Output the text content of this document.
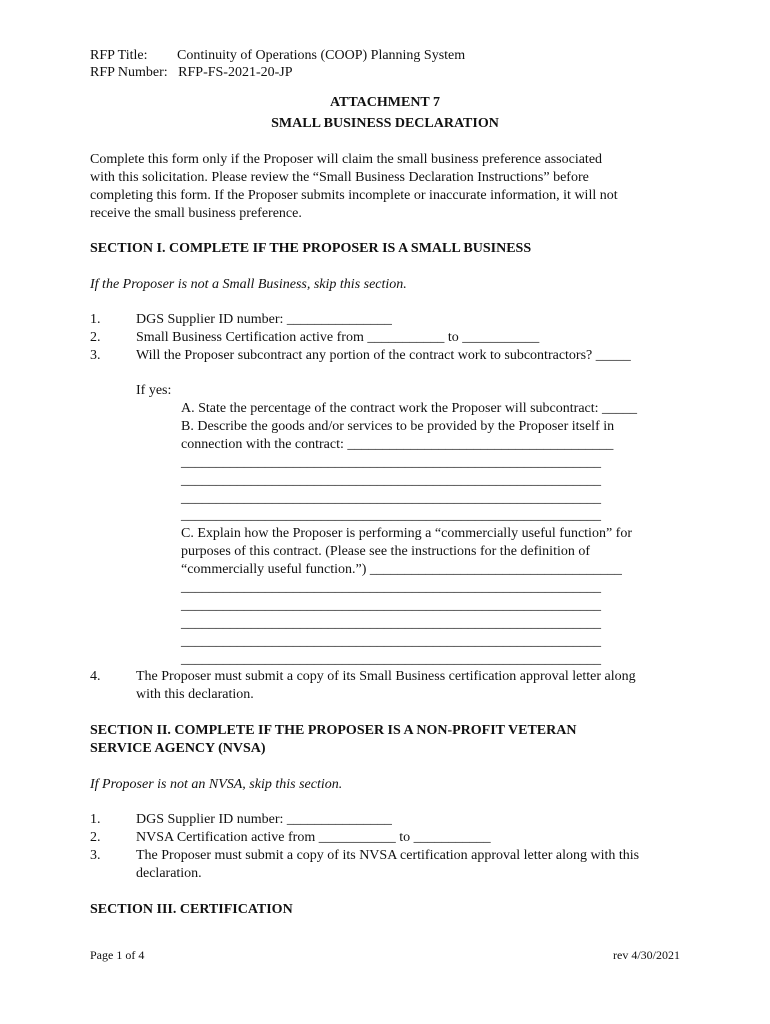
RFP Title: Continuity of Operations (COOP) Planning System
RFP Number:   RFP-FS-2021-20-JP
ATTACHMENT 7
SMALL BUSINESS DECLARATION
Complete this form only if the Proposer will claim the small business preference associated
with this solicitation. Please review the “Small Business Declaration Instructions” before
completing this form. If the Proposer submits incomplete or inaccurate information, it will not
receive the small business preference.
SECTION I. COMPLETE IF THE PROPOSER IS A SMALL BUSINESS
If the Proposer is not a Small Business, skip this section.
1.	DGS Supplier ID number: _______________
2.	Small Business Certification active from ___________ to ___________
3.	Will the Proposer subcontract any portion of the contract work to subcontractors? _____
If yes:
A. State the percentage of the contract work the Proposer will subcontract: _____
B. Describe the goods and/or services to be provided by the Proposer itself in
connection with the contract: ______________________________________
____________________________________________________________
____________________________________________________________
____________________________________________________________
____________________________________________________________
C. Explain how the Proposer is performing a “commercially useful function” for
purposes of this contract. (Please see the instructions for the definition of
“commercially useful function.”) ____________________________________
____________________________________________________________
____________________________________________________________
____________________________________________________________
____________________________________________________________
____________________________________________________________
4.	The Proposer must submit a copy of its Small Business certification approval letter along
with this declaration.
SECTION II. COMPLETE IF THE PROPOSER IS A NON-PROFIT VETERAN
SERVICE AGENCY (NVSA)
If Proposer is not an NVSA, skip this section.
1.	DGS Supplier ID number: _______________
2.	NVSA Certification active from ___________ to ___________
3.	The Proposer must submit a copy of its NVSA certification approval letter along with this
declaration.
SECTION III. CERTIFICATION
Page 1 of 4	rev 4/30/2021
